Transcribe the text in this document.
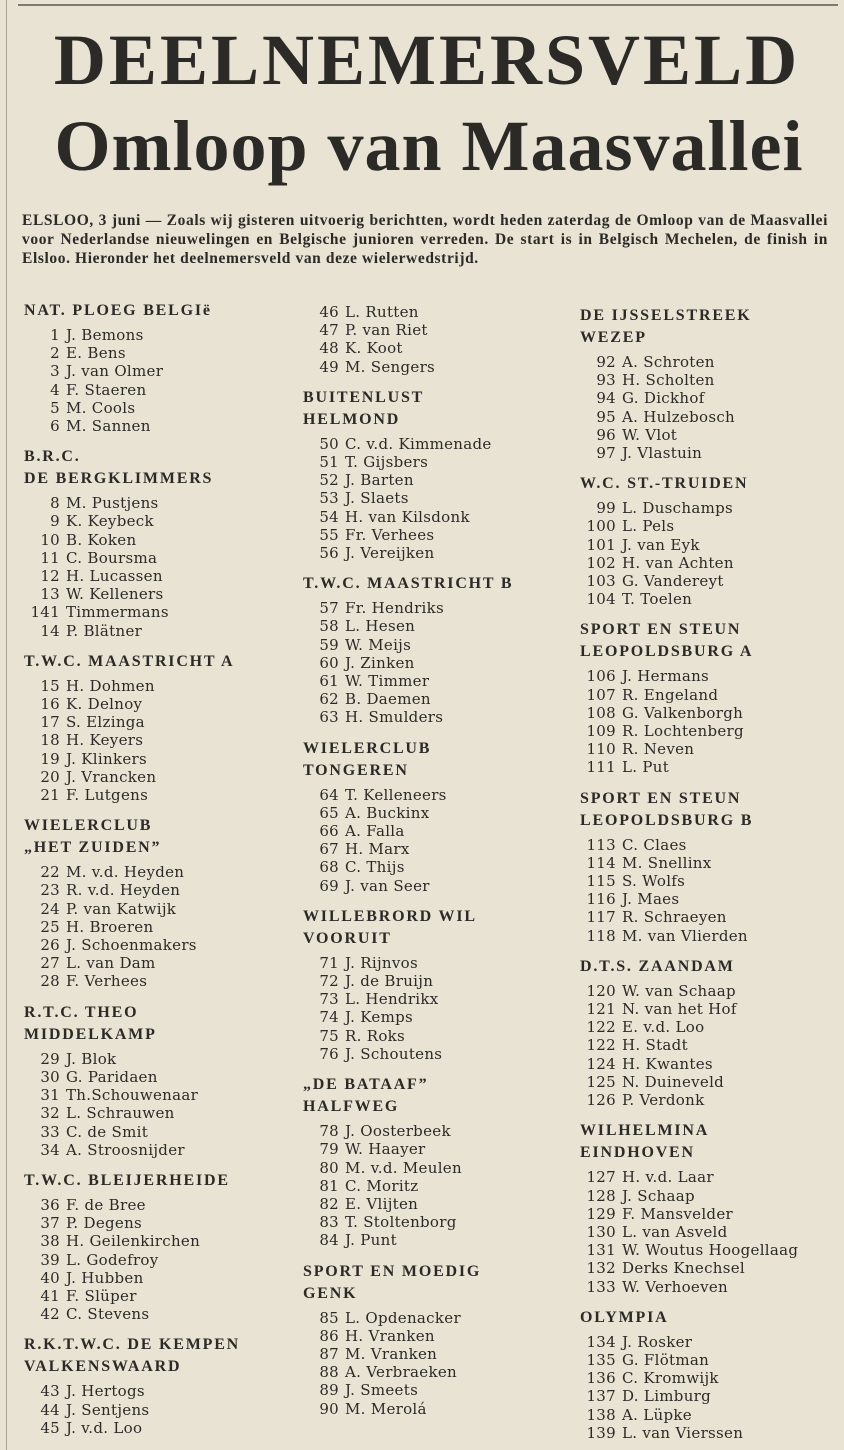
DEELNEMERSVELD
Omloop van Maasvallei
ELSLOO, 3 juni — Zoals wij gisteren uitvoerig berichtten, wordt heden zaterdag de Omloop van de Maasvallei voor Nederlandse nieuwelingen en Belgische junioren verreden. De start is in Belgisch Mechelen, de finish in Elsloo. Hieronder het deelnemersveld van deze wielerwedstrijd.
NAT. PLOEG BELGIë
1 J. Bemons
2 E. Bens
3 J. van Olmer
4 F. Staeren
5 M. Cools
6 M. Sannen
B.R.C.
DE BERGKLIMMERS
8 M. Pustjens
9 K. Keybeck
10 B. Koken
11 C. Boursma
12 H. Lucassen
13 W. Kelleners
141 Timmermans
14 P. Blätner
T.W.C. MAASTRICHT A
15 H. Dohmen
16 K. Delnoy
17 S. Elzinga
18 H. Keyers
19 J. Klinkers
20 J. Vrancken
21 F. Lutgens
WIELERCLUB
„HET ZUIDEN”
22 M. v.d. Heyden
23 R. v.d. Heyden
24 P. van Katwijk
25 H. Broeren
26 J. Schoenmakers
27 L. van Dam
28 F. Verhees
R.T.C. THEO
MIDDELKAMP
29 J. Blok
30 G. Paridaen
31 Th.Schouwenaar
32 L. Schrauwen
33 C. de Smit
34 A. Stroosnijder
T.W.C. BLEIJERHEIDE
36 F. de Bree
37 P. Degens
38 H. Geilenkirchen
39 L. Godefroy
40 J. Hubben
41 F. Slüper
42 C. Stevens
R.K.T.W.C. DE KEMPEN
VALKENSWAARD
43 J. Hertogs
44 J. Sentjens
45 J. v.d. Loo
46 L. Rutten
47 P. van Riet
48 K. Koot
49 M. Sengers
BUITENLUST
HELMOND
50 C. v.d. Kimmenade
51 T. Gijsbers
52 J. Barten
53 J. Slaets
54 H. van Kilsdonk
55 Fr. Verhees
56 J. Vereijken
T.W.C. MAASTRICHT B
57 Fr. Hendriks
58 L. Hesen
59 W. Meijs
60 J. Zinken
61 W. Timmer
62 B. Daemen
63 H. Smulders
WIELERCLUB
TONGEREN
64 T. Kelleneers
65 A. Buckinx
66 A. Falla
67 H. Marx
68 C. Thijs
69 J. van Seer
WILLEBRORD WIL
VOORUIT
71 J. Rijnvos
72 J. de Bruijn
73 L. Hendrikx
74 J. Kemps
75 R. Roks
76 J. Schoutens
„DE BATAAF”
HALFWEG
78 J. Oosterbeek
79 W. Haayer
80 M. v.d. Meulen
81 C. Moritz
82 E. Vlijten
83 T. Stoltenborg
84 J. Punt
SPORT EN MOEDIG
GENK
85 L. Opdenacker
86 H. Vranken
87 M. Vranken
88 A. Verbraeken
89 J. Smeets
90 M. Merolá
DE IJSSELSTREEK
WEZEP
92 A. Schroten
93 H. Scholten
94 G. Dickhof
95 A. Hulzebosch
96 W. Vlot
97 J. Vlastuin
W.C. ST.-TRUIDEN
99 L. Duschamps
100 L. Pels
101 J. van Eyk
102 H. van Achten
103 G. Vandereyt
104 T. Toelen
SPORT EN STEUN
LEOPOLDSBURG A
106 J. Hermans
107 R. Engeland
108 G. Valkenborgh
109 R. Lochtenberg
110 R. Neven
111 L. Put
SPORT EN STEUN
LEOPOLDSBURG B
113 C. Claes
114 M. Snellinx
115 S. Wolfs
116 J. Maes
117 R. Schraeyen
118 M. van Vlierden
D.T.S. ZAANDAM
120 W. van Schaap
121 N. van het Hof
122 E. v.d. Loo
122 H. Stadt
124 H. Kwantes
125 N. Duineveld
126 P. Verdonk
WILHELMINA
EINDHOVEN
127 H. v.d. Laar
128 J. Schaap
129 F. Mansvelder
130 L. van Asveld
131 W. Woutus Hoogellaag
132 Derks Knechsel
133 W. Verhoeven
OLYMPIA
134 J. Rosker
135 G. Flötman
136 C. Kromwijk
137 D. Limburg
138 A. Lüpke
139 L. van Vierssen
